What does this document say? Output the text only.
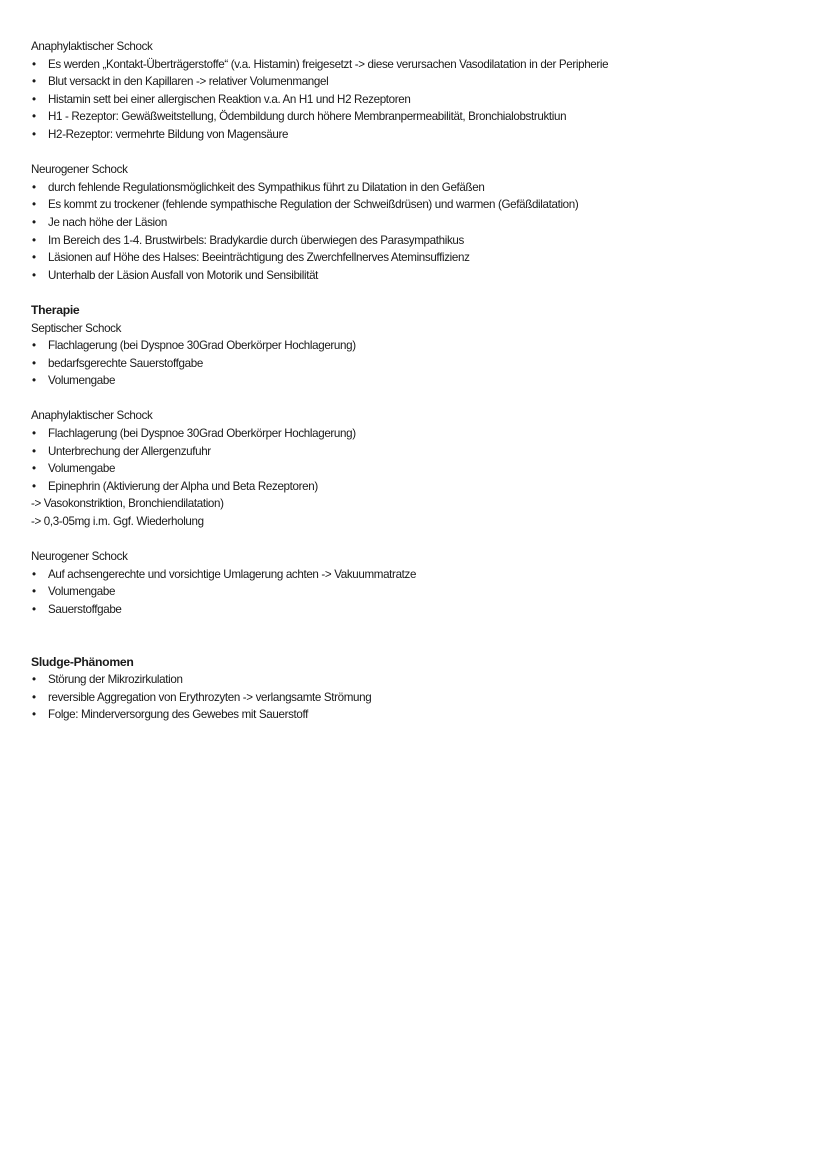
Anaphylaktischer Schock

• Es werden „Kontakt-Überträgerstoffe“ (v.a. Histamin) freigesetzt -> diese verursachen Vasodilatation in der Peripherie
• Blut versackt in den Kapillaren -> relativer Volumenmangel
• Histamin sett bei einer allergischen Reaktion v.a. An H1 und H2 Rezeptoren
• H1 - Rezeptor: Gewäßweitstellung, Ödembildung durch höhere Membranpermeabilität, Bronchialobstruktiun
• H2-Rezeptor: vermehrte Bildung von Magensäure

Neurogener Schock

• durch fehlende Regulationsmöglichkeit des Sympathikus führt zu Dilatation in den Gefäßen
• Es kommt zu trockener (fehlende sympathische Regulation der Schweißdrüsen) und warmen (Gefäßdilatation)
• Je nach höhe der Läsion
• Im Bereich des 1-4. Brustwirbels: Bradykardie durch überwiegen des Parasympathikus
• Läsionen auf Höhe des Halses: Beeinträchtigung des Zwerchfellnerves Ateminsuffizienz
• Unterhalb der Läsion Ausfall von Motorik und Sensibilität

Therapie

Septischer Schock

• Flachlagerung (bei Dyspnoe 30Grad Oberkörper Hochlagerung)
• bedarfsgerechte Sauerstoffgabe
• Volumengabe

Anaphylaktischer Schock

• Flachlagerung (bei Dyspnoe 30Grad Oberkörper Hochlagerung)
• Unterbrechung der Allergenzufuhr
• Volumengabe
• Epinephrin (Aktivierung der Alpha und Beta Rezeptoren)

-> Vasokonstriktion, Bronchiendilatation)

-> 0,3-05mg i.m. Ggf. Wiederholung

Neurogener Schock

• Auf achsengerechte und vorsichtige Umlagerung achten -> Vakuummatratze
• Volumengabe
• Sauerstoffgabe

Sludge-Phänomen

• Störung der Mikrozirkulation
• reversible Aggregation von Erythrozyten -> verlangsamte Strömung
• Folge: Minderversorgung des Gewebes mit Sauerstoff
